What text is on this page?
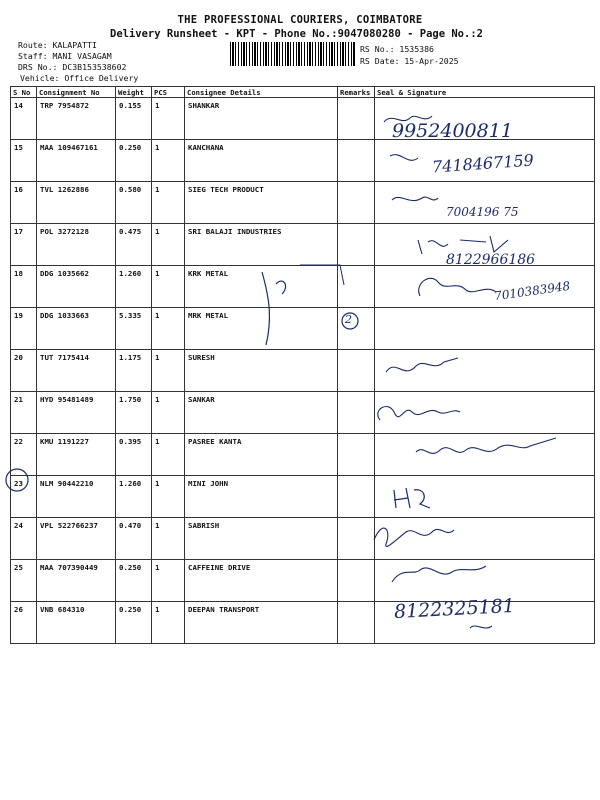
THE PROFESSIONAL COURIERS, COIMBATORE
Delivery Runsheet - KPT - Phone No.:9047080280 - Page No.:2
Route: KALAPATTI
Staff: MANI VASAGAM
DRS No.: DC3B153538602
Vehicle: Office Delivery
RS No.: 1535386
RS Date: 15-Apr-2025
S No	Consignment No	Weight	PCS	Consignee Details	Remarks	Seal & Signature

14	TRP 7954872	0.155	1	SHANKAR		

15	MAA 109467161	0.250	1	KANCHANA		

16	TVL 1262886	0.580	1	SIEG TECH PRODUCT		

17	POL 3272128	0.475	1	SRI BALAJI INDUSTRIES		

18	DDG 1035662	1.260	1	KRK METAL		

19	DDG 1033663	5.335	1	MRK METAL		

20	TUT 7175414	1.175	1	SURESH		

21	HYD 95481489	1.750	1	SANKAR		

22	KMU 1191227	0.395	1	PASREE KANTA		

23	NLM 90442210	1.260	1	MINI JOHN		

24	VPL 522766237	0.470	1	SABRISH		

25	MAA 707390449	0.250	1	CAFFEINE DRIVE		

26	VNB 684310	0.250	1	DEEPAN TRANSPORT		

9952400811
7418467159
7004196 75
8122966186
7010383948
2
8122325181
